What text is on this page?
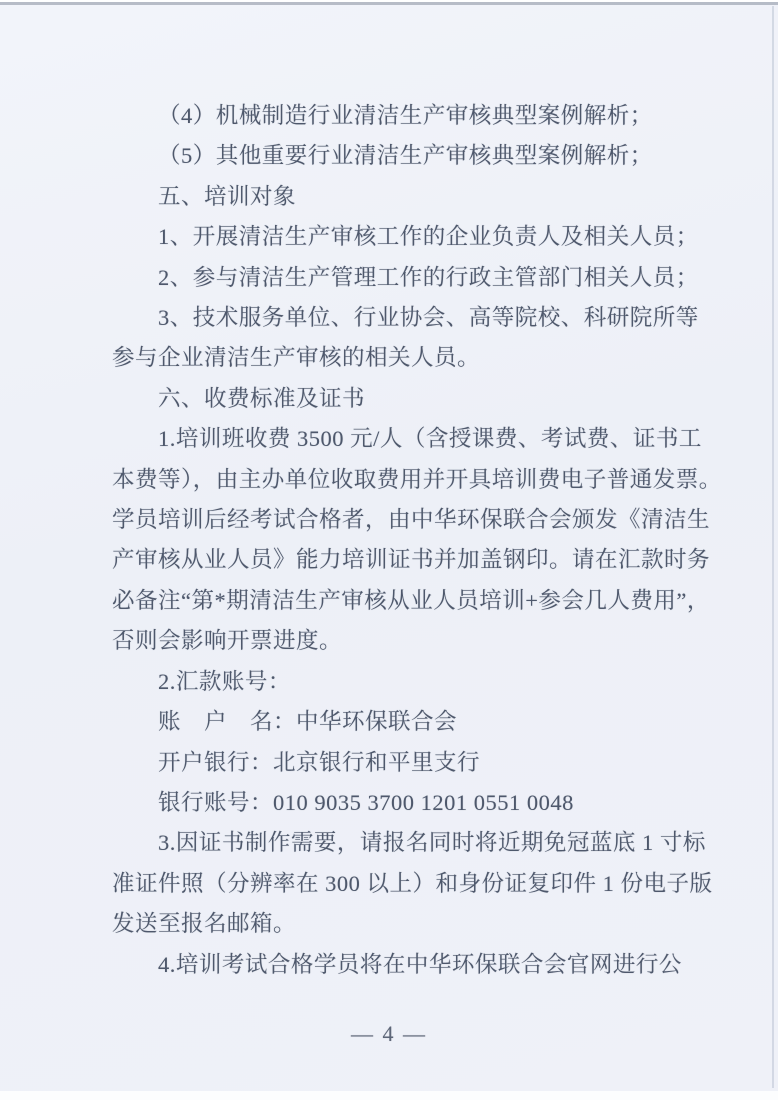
（4）机械制造行业清洁生产审核典型案例解析；
（5）其他重要行业清洁生产审核典型案例解析；
五、培训对象
1、开展清洁生产审核工作的企业负责人及相关人员；
2、参与清洁生产管理工作的行政主管部门相关人员；
3、技术服务单位、行业协会、高等院校、科研院所等
参与企业清洁生产审核的相关人员。
六、收费标准及证书
1.培训班收费 3500 元/人（含授课费、考试费、证书工
本费等），由主办单位收取费用并开具培训费电子普通发票。
学员培训后经考试合格者，由中华环保联合会颁发《清洁生
产审核从业人员》能力培训证书并加盖钢印。请在汇款时务
必备注“第*期清洁生产审核从业人员培训+参会几人费用”，
否则会影响开票进度。
2.汇款账号：
账　户　名：中华环保联合会
开户银行：北京银行和平里支行
银行账号：010 9035 3700 1201 0551 0048
3.因证书制作需要，请报名同时将近期免冠蓝底 1 寸标
准证件照（分辨率在 300 以上）和身份证复印件 1 份电子版
发送至报名邮箱。
4.培训考试合格学员将在中华环保联合会官网进行公
— 4 —
